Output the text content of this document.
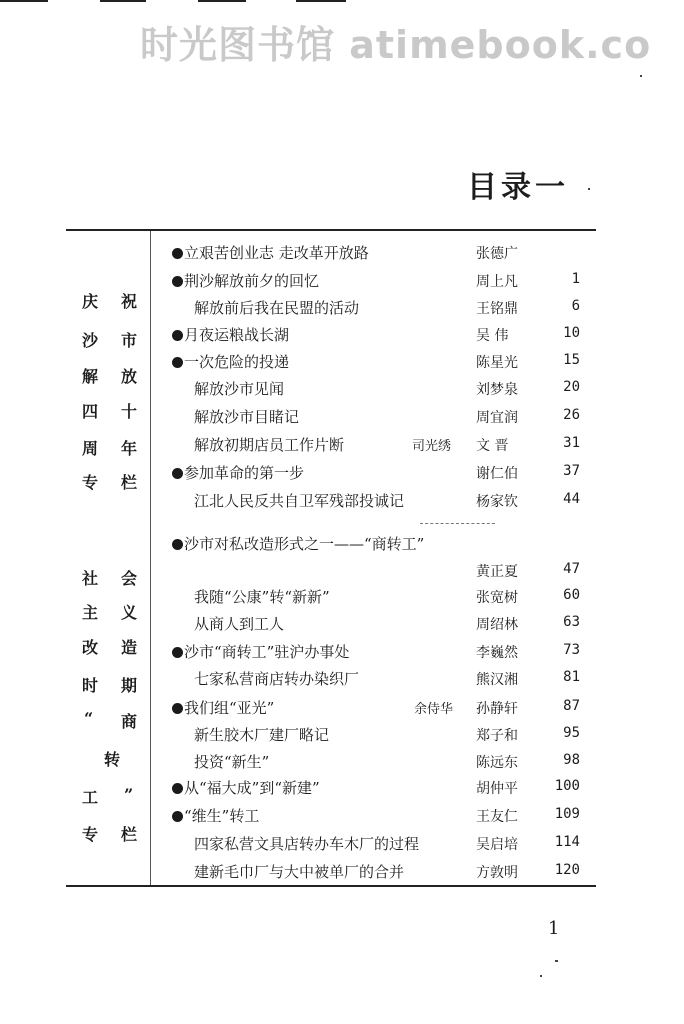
时光图书馆 atimebook.co
目录一
庆
沙
解
四
周
专
祝
市
放
十
年
栏
社
主
改
时
“
转
工
专
会
义
造
期
商
”
栏
立艰苦创业志 走改革开放路	张德广
荆沙解放前夕的回忆	周上凡	1
解放前后我在民盟的活动	王铭鼎	6
月夜运粮战长湖	吴 伟	10
一次危险的投递	陈星光	15
解放沙市见闻	刘梦泉	20
解放沙市目睹记	周宜润	26
解放初期店员工作片断	司光绣 文 晋	31
参加革命的第一步	谢仁伯	37
江北人民反共自卫军残部投诚记	杨家钦	44
沙市对私改造形式之一——“商转工”
黄正夏	47
我随“公康”转“新新”	张宽树	60
从商人到工人	周绍林	63
沙市“商转工”驻沪办事处	李巍然	73
七家私营商店转办染织厂	熊汉湘	81
我们组“亚光”	余侍华 孙静轩	87
新生胶木厂建厂略记	郑子和	95
投资“新生”	陈远东	98
从“福大成”到“新建”	胡仲平	100
“维生”转工	王友仁	109
四家私营文具店转办车木厂的过程	吴启培	114
建新毛巾厂与大中被单厂的合并	方敦明	120
1
